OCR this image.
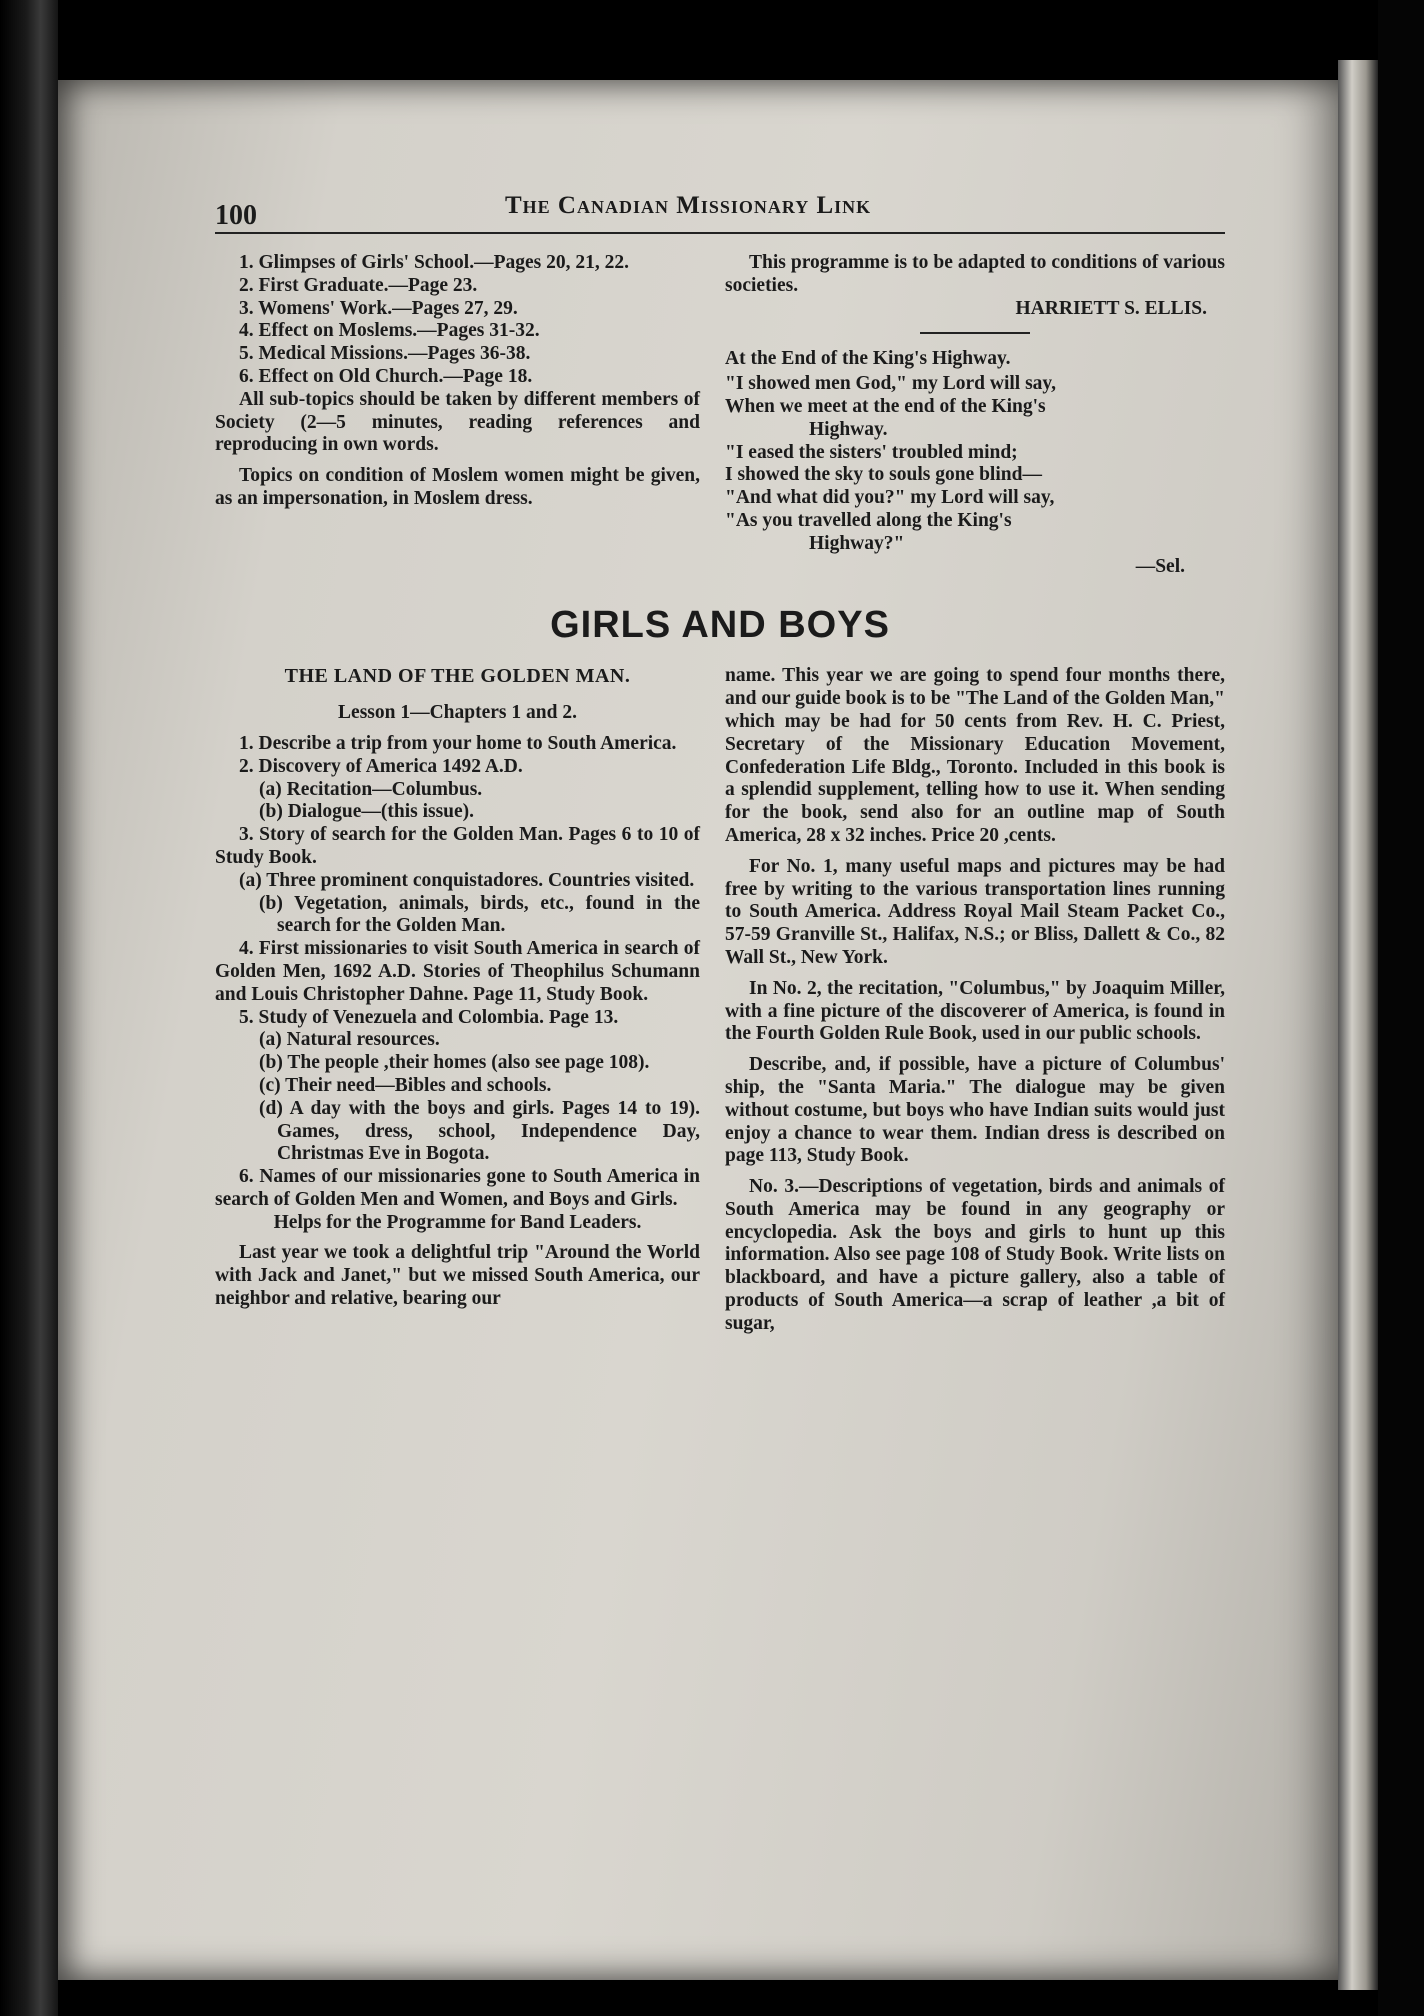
100	The Canadian Missionary Link

1. Glimpses of Girls' School.—Pages 20, 21, 22.

2. First Graduate.—Page 23.

3. Womens' Work.—Pages 27, 29.

4. Effect on Moslems.—Pages 31-32.

5. Medical Missions.—Pages 36-38.

6. Effect on Old Church.—Page 18.

All sub-topics should be taken by different members of Society (2—5 minutes, reading references and reproducing in own words.

Topics on condition of Moslem women might be given, as an impersonation, in Moslem dress.

This programme is to be adapted to conditions of various societies.

HARRIETT S. ELLIS.

At the End of the King's Highway.

"I showed men God," my Lord will say,

When we meet at the end of the King's

Highway.

"I eased the sisters' troubled mind;

I showed the sky to souls gone blind—

"And what did you?" my Lord will say,

"As you travelled along the King's

Highway?"

—Sel.

GIRLS AND BOYS

THE LAND OF THE GOLDEN MAN.

Lesson 1—Chapters 1 and 2.

1. Describe a trip from your home to South America.

2. Discovery of America 1492 A.D.

(a) Recitation—Columbus.

(b) Dialogue—(this issue).

3. Story of search for the Golden Man. Pages 6 to 10 of Study Book.

(a) Three prominent conquistadores. Countries visited.

(b) Vegetation, animals, birds, etc., found in the search for the Golden Man.

4. First missionaries to visit South America in search of Golden Men, 1692 A.D. Stories of Theophilus Schumann and Louis Christopher Dahne. Page 11, Study Book.

5. Study of Venezuela and Colombia. Page 13.

(a) Natural resources.

(b) The people ,their homes (also see page 108).

(c) Their need—Bibles and schools.

(d) A day with the boys and girls. Pages 14 to 19). Games, dress, school, Independence Day, Christmas Eve in Bogota.

6. Names of our missionaries gone to South America in search of Golden Men and Women, and Boys and Girls.

Helps for the Programme for Band Leaders.

Last year we took a delightful trip "Around the World with Jack and Janet," but we missed South America, our neighbor and relative, bearing our

name. This year we are going to spend four months there, and our guide book is to be "The Land of the Golden Man," which may be had for 50 cents from Rev. H. C. Priest, Secretary of the Missionary Education Movement, Confederation Life Bldg., Toronto. Included in this book is a splendid supplement, telling how to use it. When sending for the book, send also for an outline map of South America, 28 x 32 inches. Price 20 ,cents.

For No. 1, many useful maps and pictures may be had free by writing to the various transportation lines running to South America. Address Royal Mail Steam Packet Co., 57-59 Granville St., Halifax, N.S.; or Bliss, Dallett & Co., 82 Wall St., New York.

In No. 2, the recitation, "Columbus," by Joaquim Miller, with a fine picture of the discoverer of America, is found in the Fourth Golden Rule Book, used in our public schools.

Describe, and, if possible, have a picture of Columbus' ship, the "Santa Maria." The dialogue may be given without costume, but boys who have Indian suits would just enjoy a chance to wear them. Indian dress is described on page 113, Study Book.

No. 3.—Descriptions of vegetation, birds and animals of South America may be found in any geography or encyclopedia. Ask the boys and girls to hunt up this information. Also see page 108 of Study Book. Write lists on blackboard, and have a picture gallery, also a table of products of South America—a scrap of leather ,a bit of sugar,
